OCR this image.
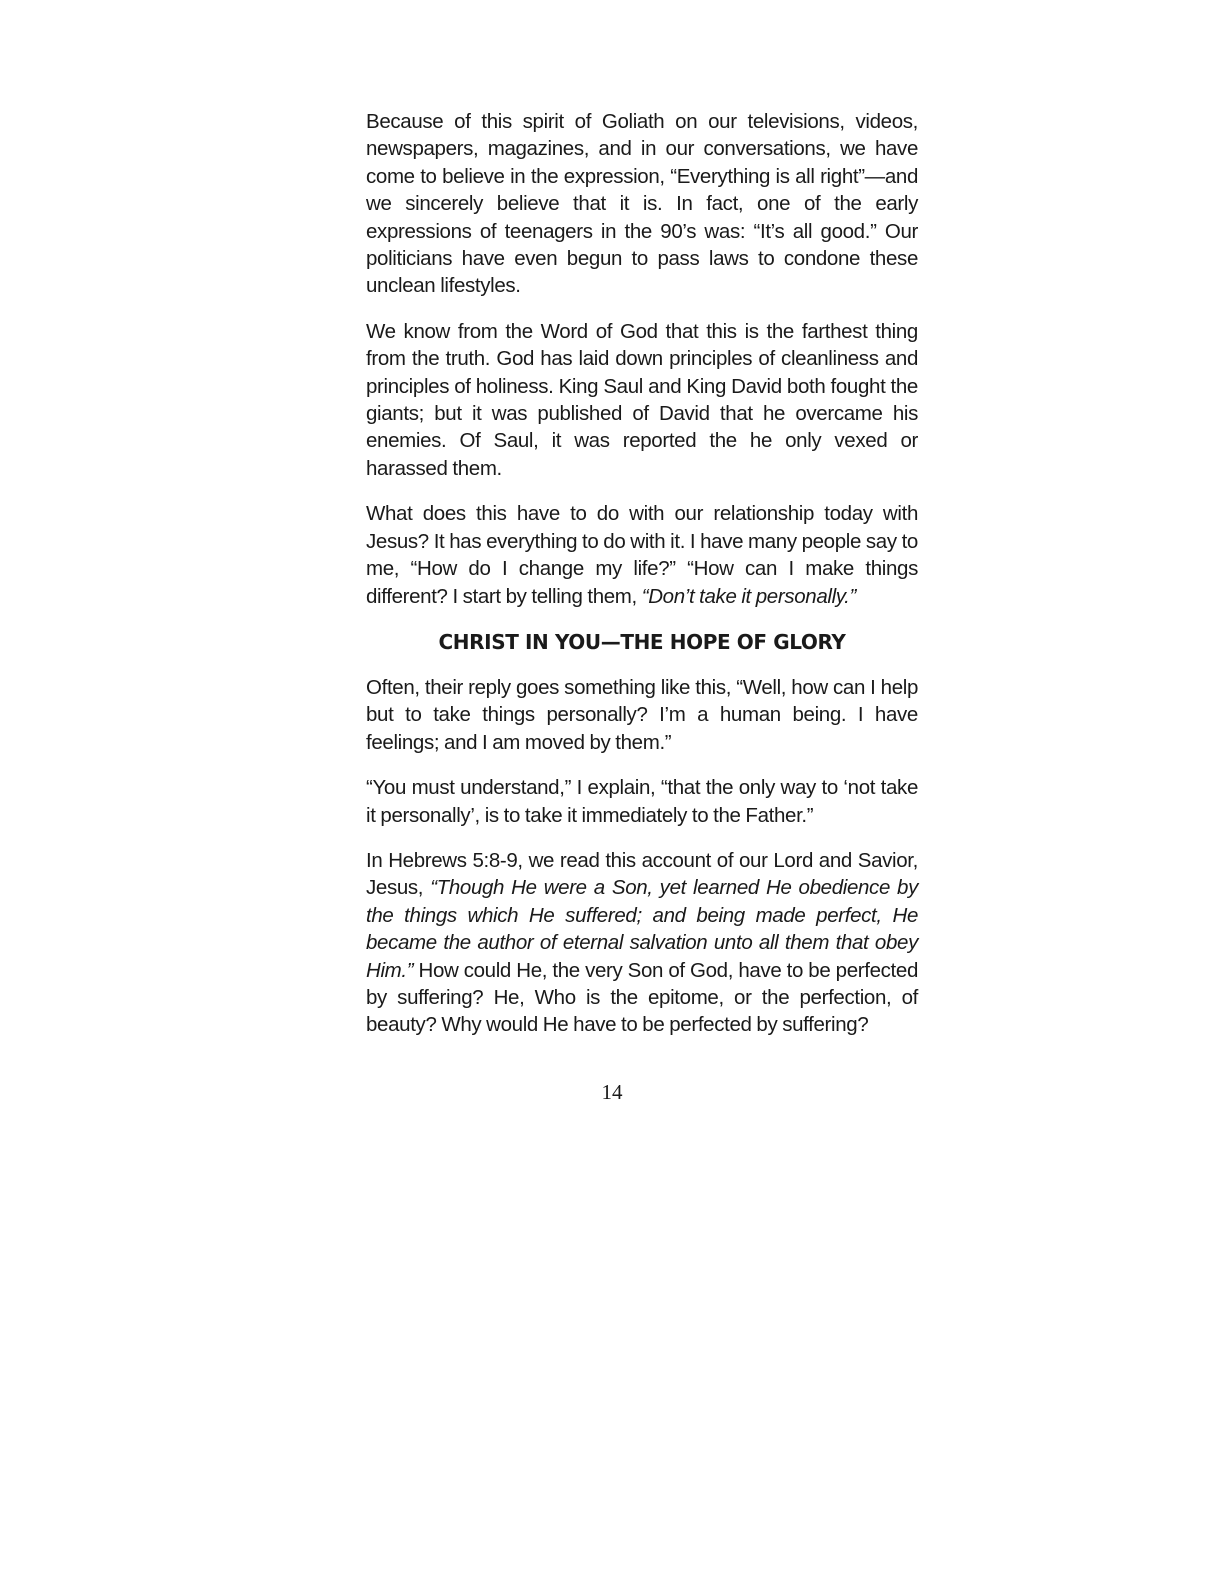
Because of this spirit of Goliath on our televisions, videos, newspapers, magazines, and in our conversations, we have come to believe in the expression, “Everything is all right”—and we sincerely believe that it is. In fact, one of the early expressions of teenagers in the 90’s was: “It’s all good.” Our politicians have even begun to pass laws to condone these unclean lifestyles.

We know from the Word of God that this is the farthest thing from the truth. God has laid down principles of cleanliness and principles of holiness. King Saul and King David both fought the giants; but it was published of David that he overcame his enemies. Of Saul, it was reported the he only vexed or harassed them.

What does this have to do with our relationship today with Jesus? It has everything to do with it. I have many people say to me, “How do I change my life?” “How can I make things different? I start by telling them, “Don’t take it personally.”

CHRIST IN YOU—THE HOPE OF GLORY

Often, their reply goes something like this, “Well, how can I help but to take things personally? I’m a human being. I have feelings; and I am moved by them.”

“You must understand,” I explain, “that the only way to ‘not take it personally’, is to take it immediately to the Father.”

In Hebrews 5:8-9, we read this account of our Lord and Savior, Jesus, “Though He were a Son, yet learned He obedience by the things which He suffered; and being made perfect, He became the author of eternal salvation unto all them that obey Him.” How could He, the very Son of God, have to be perfected by suffering? He, Who is the epitome, or the perfection, of beauty? Why would He have to be perfected by suffering?

14
